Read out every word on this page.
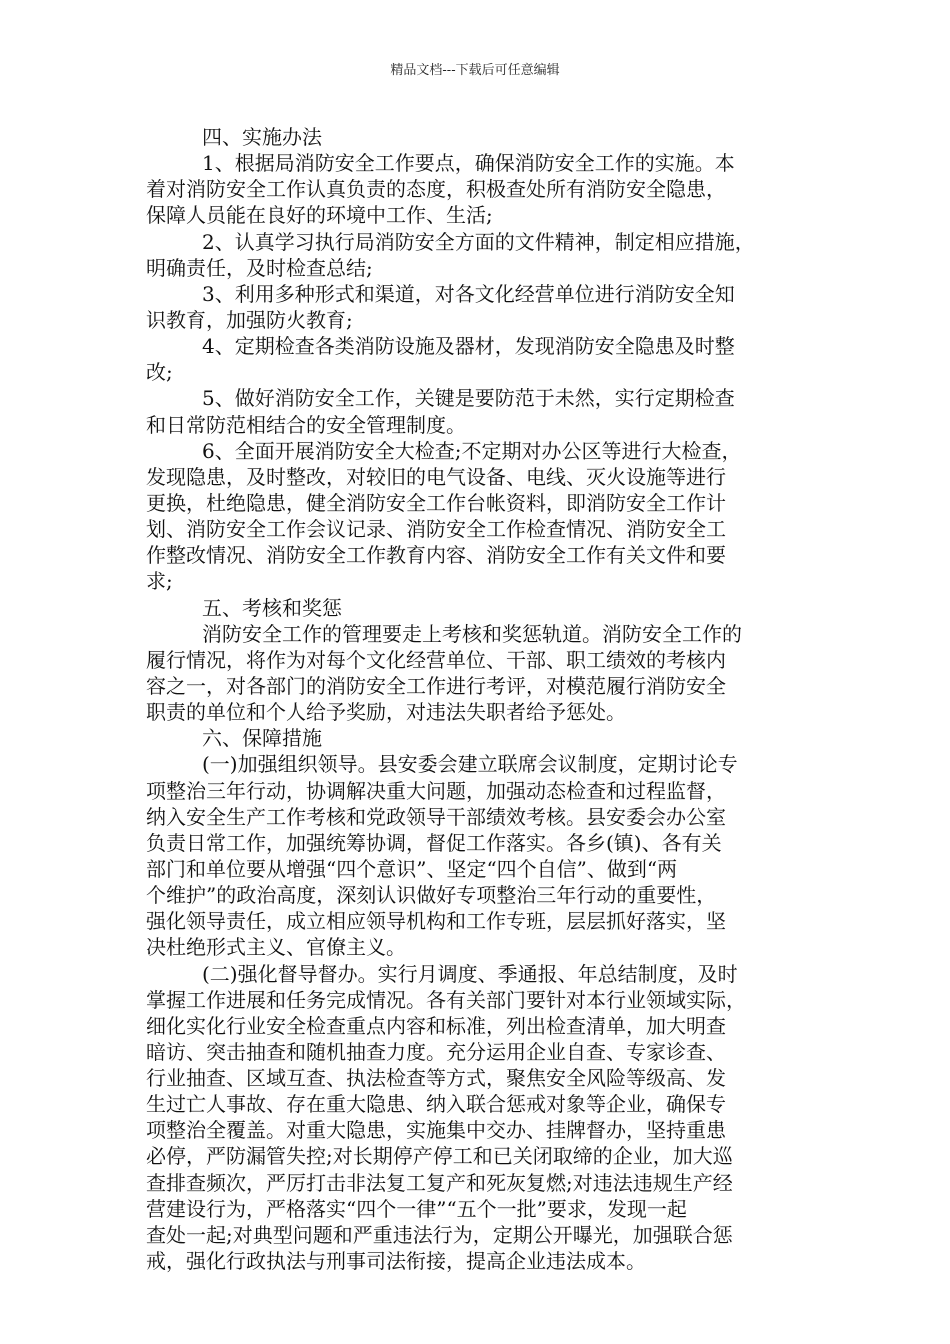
精品文档---下载后可任意编辑
四、实施办法
1、根据局消防安全工作要点，确保消防安全工作的实施。本
着对消防安全工作认真负责的态度，积极查处所有消防安全隐患，
保障人员能在良好的环境中工作、生活;
2、认真学习执行局消防安全方面的文件精神，制定相应措施，
明确责任，及时检查总结;
3、利用多种形式和渠道，对各文化经营单位进行消防安全知
识教育，加强防火教育;
4、定期检查各类消防设施及器材，发现消防安全隐患及时整
改;
5、做好消防安全工作，关键是要防范于未然，实行定期检查
和日常防范相结合的安全管理制度。
6、全面开展消防安全大检查;不定期对办公区等进行大检查，
发现隐患，及时整改，对较旧的电气设备、电线、灭火设施等进行
更换，杜绝隐患，健全消防安全工作台帐资料，即消防安全工作计
划、消防安全工作会议记录、消防安全工作检查情况、消防安全工
作整改情况、消防安全工作教育内容、消防安全工作有关文件和要
求;
五、考核和奖惩
消防安全工作的管理要走上考核和奖惩轨道。消防安全工作的
履行情况，将作为对每个文化经营单位、干部、职工绩效的考核内
容之一，对各部门的消防安全工作进行考评，对模范履行消防安全
职责的单位和个人给予奖励，对违法失职者给予惩处。
六、保障措施
(一)加强组织领导。县安委会建立联席会议制度，定期讨论专
项整治三年行动，协调解决重大问题，加强动态检查和过程监督，
纳入安全生产工作考核和党政领导干部绩效考核。县安委会办公室
负责日常工作，加强统筹协调，督促工作落实。各乡(镇)、各有关
部门和单位要从增强“四个意识”、坚定“四个自信”、做到“两
个维护”的政治高度，深刻认识做好专项整治三年行动的重要性，
强化领导责任，成立相应领导机构和工作专班，层层抓好落实，坚
决杜绝形式主义、官僚主义。
(二)强化督导督办。实行月调度、季通报、年总结制度，及时
掌握工作进展和任务完成情况。各有关部门要针对本行业领域实际，
细化实化行业安全检查重点内容和标准，列出检查清单，加大明查
暗访、突击抽查和随机抽查力度。充分运用企业自查、专家诊查、
行业抽查、区域互查、执法检查等方式，聚焦安全风险等级高、发
生过亡人事故、存在重大隐患、纳入联合惩戒对象等企业，确保专
项整治全覆盖。对重大隐患，实施集中交办、挂牌督办，坚持重患
必停，严防漏管失控;对长期停产停工和已关闭取缔的企业，加大巡
查排查频次，严厉打击非法复工复产和死灰复燃;对违法违规生产经
营建设行为，严格落实“四个一律”“五个一批”要求，发现一起
查处一起;对典型问题和严重违法行为，定期公开曝光，加强联合惩
戒，强化行政执法与刑事司法衔接，提高企业违法成本。
